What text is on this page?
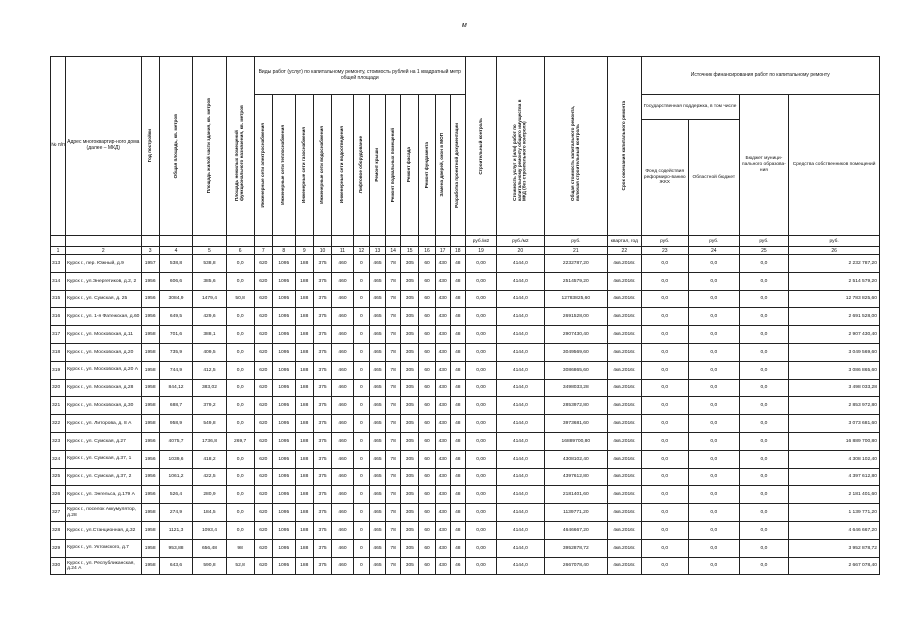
м
№ п/п	Адрес многоквартир-ного дома (далее – МКД)	Год постройки	Общая площадь, кв. метров	Площадь жилой части здания, кв. метров	Площадь нежилых помещений функционального назначения, кв. метров	Виды работ (услуг) по капитальному ремонту, стоимость рублей на 1 квадратный метр общей площади												Строительный контроль	Стоимость услуг и (или) работ по капитальному ремонту общего имущества в МКД (без строительного контроля)	Общая стоимость капитального ремонта, включая строительный контроль	Срок окончания капитального ремонта	Источник финансирования работ по капитальному ремонту			

						Инженерные сети электроснабжения	Инженерные сети теплоснабжения	Инженерные сети газоснабжения	Инженерные сети водоснабжения	Инженерные сети водоотведения	Лифтовое оборудование	Ремонт крыши	Ремонт подвальных помещений	Ремонт фасада	Ремонт фундамента	Замена дверей, окон в МОП	Разработка проектной документации					Государственная поддержка, в том числе		Бюджет муници-пального образова-ния	Средства собственников помещений
																						Фонд содействия реформиро-ванию ЖКХ	Областной бюджет		
																		руб./м2	руб./м2	руб.	квартал, год	руб.	руб.	руб.	руб.
1	2	3	4	5	6	7	8	9	10	11	12	13	14	15	16	17	18	19	20	21	22	23	24	25	26
313	Курск г., пер. Южный, д.9	1957	538,8	538,8	0,0	620	1095	188	375	460	0	465	78	305	60	430	48	0,00	4144,0	2232787,20	4кв.2016г.	0,0	0,0	0,0	2 232 787,20
314	Курск г., ул.Энергетиков, д.2, 2	1956	606,6	385,6	0,0	620	1095	188	375	460	0	465	78	305	60	430	48	0,00	4144,0	2514579,20	4кв.2016г.	0,0	0,0	0,0	2 514 579,20
315	Курск г., ул. Сумская, д. 25	1956	3084,9	1479,4	50,8	620	1095	188	375	460	0	465	78	305	60	430	48	0,00	4144,0	12783825,60	4кв.2016г.	0,0	0,0	0,0	12 783 825,60
316	Курск г., ул. 1-я Фатежская, д.60	1956	649,5	429,6	0,0	620	1095	188	375	460	0	465	78	305	60	430	48	0,00	4144,0	2691528,00	4кв.2016г.	0,0	0,0	0,0	2 691 528,00
317	Курск г., ул. Московская, д.11	1958	701,6	388,1	0,0	620	1095	188	375	460	0	465	78	305	60	430	48	0,00	4144,0	2907430,40	4кв.2016г.	0,0	0,0	0,0	2 907 430,40
318	Курск г., ул. Московская, д.20	1958	735,9	409,5	0,0	620	1095	188	375	460	0	465	78	305	60	430	48	0,00	4144,0	3049569,60	4кв.2016г.	0,0	0,0	0,0	3 049 569,60
319	Курск г., ул. Московская, д.20 А	1958	744,9	412,5	0,0	620	1095	188	375	460	0	465	78	305	60	430	48	0,00	4144,0	3086865,60	4кв.2016г.	0,0	0,0	0,0	3 086 865,60
320	Курск г., ул. Московская, д.28	1958	844,12	383,02	0,0	620	1095	188	375	460	0	465	78	305	60	430	48	0,00	4144,0	3498033,28	4кв.2016г.	0,0	0,0	0,0	3 498 033,28
321	Курск г., ул. Московская, д.30	1958	688,7	379,2	0,0	620	1095	188	375	460	0	465	78	305	60	430	48	0,00	4144,0	2853972,80	4кв.2016г.	0,0	0,0	0,0	2 853 972,80
322	Курск г., ул. Литорова, д. 8 А	1958	958,9	549,8	0,0	620	1095	188	375	460	0	465	78	305	60	430	48	0,00	4144,0	3973681,60	4кв.2016г.	0,0	0,0	0,0	3 073 681,60
323	Курск г., ул. Сумская, д.27	1956	4075,7	1736,8	269,7	620	1095	188	375	460	0	465	78	305	60	430	48	0,00	4144,0	16889700,80	4кв.2016г.	0,0	0,0	0,0	16 889 700,80
324	Курск г., ул. Сумская, д.37, 1	1956	1039,6	418,2	0,0	620	1095	188	375	460	0	465	78	305	60	430	48	0,00	4144,0	4308102,40	4кв.2016г.	0,0	0,0	0,0	4 308 102,40
325	Курск г., ул. Сумская, д.37, 2	1956	1061,2	422,5	0,0	620	1095	188	375	460	0	465	78	305	60	430	48	0,00	4144,0	4397612,80	4кв.2016г.	0,0	0,0	0,0	4 397 612,80
326	Курск г., ул. Энгельса, д.179 А	1956	526,4	280,9	0,0	620	1095	188	375	460	0	465	78	305	60	430	48	0,00	4144,0	2181401,60	4кв.2016г.	0,0	0,0	0,0	2 181 401,60
327	Курск г., поселок Аккумулятор, д.28	1958	274,9	184,5	0,0	620	1095	188	375	460	0	465	78	305	60	430	48	0,00	4144,0	1139771,20	4кв.2016г.	0,0	0,0	0,0	1 139 771,20
328	Курск г., ул.Станционная, д.32	1958	1121,3	1093,4	0,0	620	1095	188	375	460	0	465	78	305	60	430	48	0,00	4144,0	4646667,20	4кв.2016г.	0,0	0,0	0,0	4 646 667,20
329	Курск г., ул. Уктомского, д.7	1958	953,88	656,48	98	620	1095	188	375	460	0	465	78	305	60	430	48	0,00	4144,0	3952878,72	4кв.2016г.	0,0	0,0	0,0	3 952 878,72
330	Курск г., ул. Республиканская, д.24 А	1958	643,6	590,8	52,8	620	1095	188	375	460	0	465	78	305	60	430	46	0,00	4144,0	2667078,40	4кв.2016г.	0,0	0,0	0,0	2 667 078,40
